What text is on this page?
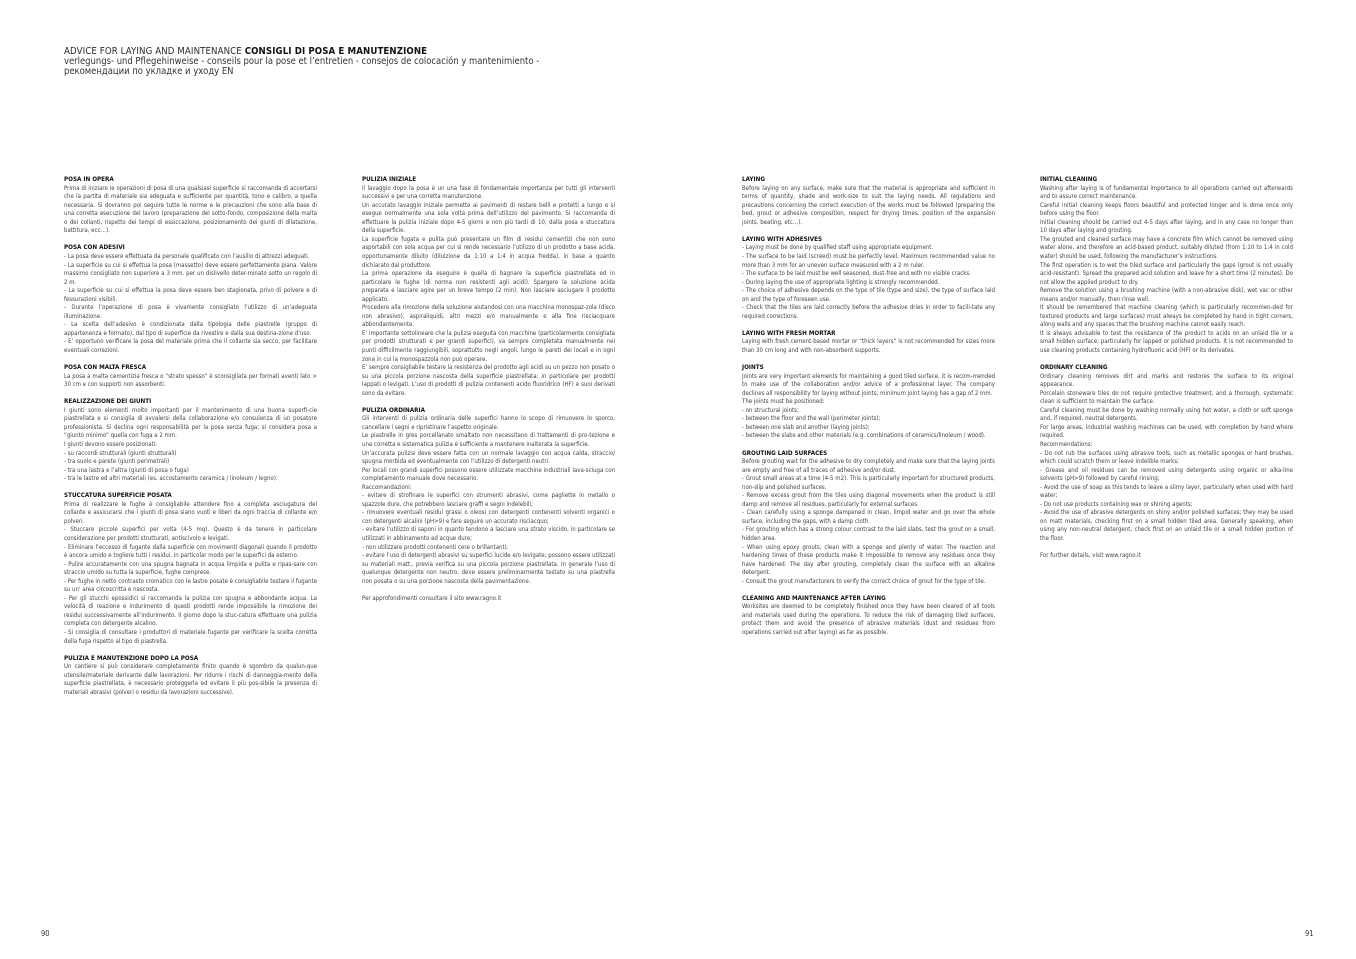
ADVICE FOR LAYING AND MAINTENANCE CONSIGLI DI POSA E MANUTENZIONE
verlegungs- und Pflegehinweise - conseils pour la pose et l’entretien - consejos de colocación y mantenimiento -
рекомендации по укладке и уходу EN
POSA IN OPERA

Prima di iniziare le operazioni di posa di una qualsiasi superficie si raccomanda di accertarsi che la partita di materiale sia adeguata e sufficiente per quantità, tono e calibro, a quella necessaria. Si dovranno poi seguire tutte le norme e le precauzioni che sono alla base di una corretta esecuzione del lavoro (preparazione del sotto-fondo, composizione della malta o dei collanti, rispetto dei tempi di essiccazione, posizionamento dei giunti di dilatazione, battitura, ecc…).

POSA CON ADESIVI

- La posa deve essere effettuata da personale qualificato con l’ausilio di attrezzi adeguati.
- La superficie su cui si effettua la posa (massetto) deve essere perfettamente piana. Valore massimo consigliato non superiore a 3 mm. per un dislivello deter-minato sotto un regolo di 2 m.
- La superficie su cui si effettua la posa deve essere ben stagionata, privo di polvere e di fessurazioni visibili.
- Durante l’operazione di posa è vivamente consigliato l’utilizzo di un’adeguata illuminazione.
- La scelta dell’adesivo è condizionata dalla tipologia delle piastrelle (gruppo di appartenenza e formato), dal tipo di superficie da rivestire e dalla sua destina-zione d’uso.
- E’ opportuno verificare la posa del materiale prima che il collante sia secco, per facilitare eventuali correzioni.

POSA CON MALTA FRESCA

La posa a malta cementizia fresca o “strato spesso” è sconsigliata per formati aventi lato > 30 cm e con supporti non assorbenti.

REALIZZAZIONE DEI GIUNTI

I giunti sono elementi molto importanti per il mantenimento di una buona superfi-cie piastrellata e si consiglia di avvalersi della collaborazione e/o consulenza di un posatore professionista. Si declina ogni responsabilità per la posa senza fuga; si considera posa a “giunto minimo” quella con fuga a 2 mm.
I giunti devono essere posizionati:
- su raccordi strutturali (giunti strutturali)
- tra suolo e parete (giunti perimetrali)
- tra una lastra e l’altra (giunti di posa o fuga)
- tra le lastre ed altri materiali (es. accostamento ceramica / linoleum / legno).

STUCCATURA SUPERFICIE POSATA

Prima di realizzare le fughe è consigliabile attendere fino a completa asciugatura del collante e assicurarsi che i giunti di posa siano vuoti e liberi da ogni traccia di collante e/o polveri.
- Stuccare piccole superfici per volta (4-5 mq). Questo è da tenere in particolare considerazione per prodotti strutturati, antiscivolo e levigati.
- Eliminare l’eccesso di fugante dalla superficie con movimenti diagonali quando il prodotto è ancora umido e togliere tutti i residui, in particolar modo per le superfici da esterno.
- Pulire accuratamente con una spugna bagnata in acqua limpida e pulita e ripas-sare con straccio umido su tutta la superficie, fughe comprese.
- Per fughe in netto contrasto cromatico con le lastre posate è consigliabile testare il fugante su un’ area circoscritta e nascosta.
- Per gli stucchi epossidici si raccomanda la pulizia con spugna e abbondante acqua. La velocità di reazione e indurimento di questi prodotti rende impossibile la rimozione dei residui successivamente all’indurimento. Il giorno dopo la stuc-catura effettuare una pulizia completa con detergente alcalino.
- Si consiglia di consultare i produttori di materiale fugante per verificare la scelta corretta della fuga rispetto al tipo di piastrella.

PULIZIA E MANUTENZIONE DOPO LA POSA

Un cantiere si può considerare completamente finito quando è sgombro da qualun-que utensile/materiale derivante dalle lavorazioni. Per ridurre i rischi di danneggia-mento della superficie piastrellata, è necessario proteggerla ed evitare il più pos-sibile la presenza di materiali abrasivi (polveri o residui da lavorazioni successive).

PULIZIA INIZIALE

Il lavaggio dopo la posa è un una fase di fondamentale importanza per tutti gli interventi successivi e per una corretta manutenzione.
Un accurato lavaggio iniziale permette ai pavimenti di restare belli e protetti a lungo e si esegue normalmente una sola volta prima dell’utilizzo del pavimento. Si raccomanda di effettuare la pulizia iniziale dopo 4-5 giorni e non più tardi di 10, dalla posa e stuccatura della superficie.
La superficie fugata e pulita può presentare un film di residui cementizi che non sono asportabili con sola acqua per cui si rende necessario l’utilizzo di un prodotto a base acida, opportunamente diluito (diluizione da 1:10 a 1:4 in acqua fredda), in base a quanto dichiarato dal produttore.
La prima operazione da eseguire è quella di bagnare la superficie piastrellata ed in particolare le fughe (di norma non resistenti agli acidi). Spargere la soluzione acida preparata e lasciare agire per un breve tempo (2 min). Non lasciare asciugare il prodotto applicato.
Procedere alla rimozione della soluzione aiutandosi con una macchina monospaz-zola (disco non abrasivo), aspiraliquidi, altri mezzi e/o manualmente e alla fine risciacquare abbondantemente.
E’ importante sottolineare che la pulizia eseguita con macchine (particolarmente consigliata per prodotti strutturati e per grandi superfici), va sempre completata manualmente nei punti difficilmente raggiungibili, soprattutto negli angoli, lungo le pareti dei locali e in ogni zona in cui la monospazzola non può operare.
E’ sempre consigliabile testare la resistenza del prodotto agli acidi su un pezzo non posato o su una piccola porzione nascosta della superficie piastrellata; in particolare per prodotti lappati o levigati. L’uso di prodotti di pulizia contenenti acido fluoridrico (HF) e suoi derivati sono da evitare.

PULIZIA ORDINARIA

Gli interventi di pulizia ordinaria delle superfici hanno lo scopo di rimuovere lo sporco, cancellare i segni e ripristinare l’aspetto originale.
Le piastrelle in gres porcellanato smaltato non necessitano di trattamenti di pro-tezione e una corretta e sistematica pulizia è sufficiente a mantenere inalterata la superficie.
Un’accurata pulizia deve essere fatta con un normale lavaggio con acqua calda, straccio/ spugna morbida ed eventualmente con l’utilizzo di detergenti neutri.
Per locali con grandi superfici possono essere utilizzate macchine industriali lava-sciuga con completamento manuale dove necessario.
Raccomandazioni:
- evitare di strofinare le superfici con strumenti abrasivi, come pagliette in metallo o spazzole dure, che potrebbero lasciare graffi e segni indelebili;
- rimuovere eventuali residui grassi o oleosi con detergenti contenenti solventi organici o con detergenti alcalini (pH>9) e fare seguire un accurato risciacquo;
- evitare l’utilizzo di saponi in quanto tendono a lasciare una strato viscido, in particolare se utilizzati in abbinamento ad acque dure;
- non utilizzare prodotti contenenti cere o brillantanti;
- evitare l’uso di detergenti abrasivi su superfici lucide e/o levigate; possono essere utilizzati su materiali matt., previa verifica su una piccola porzione piastrellata. In generale l’uso di qualunque detergente non neutro, deve essere preliminarmente testato su una piastrella non posata o su una porzione nascosta della pavimentazione.

Per approfondimenti consultare il sito www.ragno.it

LAYING

Before laying on any surface, make sure that the material is appropriate and sufficient in terms of quantity, shade and work-size to suit the laying needs. All regulations and precautions concerning the correct execution of the works must be followed (preparing the bed, grout or adhesive composition, respect for drying times, position of the expansion joints, beating, etc…).

LAYING WITH ADHESIVES

- Laying must be done by qualified staff using appropriate equipment.
- The surface to be laid (screed) must be perfectly level. Maximum recommended value no more than 3 mm for an uneven surface measured with a 2 m ruler.
- The surface to be laid must be well seasoned, dust-free and with no visible cracks.
- During laying the use of appropriate lighting is strongly recommended.
- The choice of adhesive depends on the type of tile (type and size), the type of surface laid on and the type of foreseen use.
- Check that the tiles are laid correctly before the adhesive dries in order to facili-tate any required corrections.

LAYING WITH FRESH MORTAR

Laying with fresh cement-based mortar or “thick layers” is not recommended for sizes more than 30 cm long and with non-absorbent supports.

JOINTS

Joints are very important elements for maintaining a good tiled surface, it is recom-mended to make use of the collaboration and/or advice of a professional layer. The company declines all responsibility for laying without joints; minimum joint laying has a gap of 2 mm.
The joints must be positioned:
- on structural joints;
- between the floor and the wall (perimeter joints);
- between one slab and another (laying joints);
- between the slabs and other materials (e.g. combinations of ceramics/linoleum / wood).

GROUTING LAID SURFACES

Before grouting wait for the adhesive to dry completely and make sure that the laying joints are empty and free of all traces of adhesive and/or dust.
- Grout small areas at a time (4-5 m2). This is particularly important for structured products, non-slip and polished surfaces.
- Remove excess grout from the tiles using diagonal movements when the product is still damp and remove all residues, particularly for external surfaces.
- Clean carefully using a sponge dampened in clean, limpid water and go over the whole surface, including the gaps, with a damp cloth.
- For grouting which has a strong colour contrast to the laid slabs, test the grout on a small, hidden area.
- When using epoxy grouts, clean with a sponge and plenty of water. The reaction and hardening times of these products make it impossible to remove any residues once they have hardened. The day after grouting, completely clean the surface with an alkaline detergent.
- Consult the grout manufacturers to verify the correct choice of grout for the type of tile.

CLEANING AND MAINTENANCE AFTER LAYING

Worksites are deemed to be completely finished once they have been cleared of all tools and materials used during the operations. To reduce the risk of damaging tiled surfaces, protect them and avoid the presence of abrasive materials (dust and residues from operations carried out after laying) as far as possible.

INITIAL CLEANING

Washing after laying is of fundamental importance to all operations carried out afterwards and to assure correct maintenance.
Careful initial cleaning keeps floors beautiful and protected longer and is done once only before using the floor.
Initial cleaning should be carried out 4-5 days after laying, and in any case no longer than 10 days after laying and grouting.
The grouted and cleaned surface may have a concrete film which cannot be removed using water alone, and therefore an acid-based product, suitably diluted (from 1:10 to 1:4 in cold water) should be used, following the manufacturer’s instructions.
The first operation is to wet the tiled surface and particularly the gaps (grout is not usually acid-resistant). Spread the prepared acid solution and leave for a short time (2 minutes). Do not allow the applied product to dry.
Remove the solution using a brushing machine (with a non-abrasive disk), wet vac or other means and/or manually, then rinse well.
It should be remembered that machine cleaning (which is particularly recommen-ded for textured products and large surfaces) must always be completed by hand in tight corners, along walls and any spaces that the brushing machine cannot easily reach.
It is always advisable to test the resistance of the product to acids on an unlaid tile or a small hidden surface; particularly for lapped or polished products. It is not recommended to use cleaning products containing hydrofluoric acid (HF) or its derivates.

ORDINARY CLEANING

Ordinary cleaning removes dirt and marks and restores the surface to its original appearance.
Porcelain stoneware tiles do not require protective treatment, and a thorough, systematic clean is sufficient to maintain the surface.
Careful cleaning must be done by washing normally using hot water, a cloth or soft sponge and, if required, neutral detergents.
For large areas, industrial washing machines can be used, with completion by hand where required.
Recommendations:
- Do not rub the surfaces using abrasive tools, such as metallic sponges or hard brushes, which could scratch them or leave indelible marks;
- Grease and oil residues can be removed using detergents using organic or alka-line solvents (pH>9) followed by careful rinsing;
- Avoid the use of soap as this tends to leave a slimy layer, particularly when used with hard water;
- Do not use products containing wax or shining agents;
- Avoid the use of abrasive detergents on shiny and/or polished surfaces; they may be used on matt materials, checking first on a small hidden tiled area. Generally speaking, when using any non-neutral detergent, check first on an unlaid tile or a small hidden portion of the floor.

For further details, visit www.ragno.it

90	91
